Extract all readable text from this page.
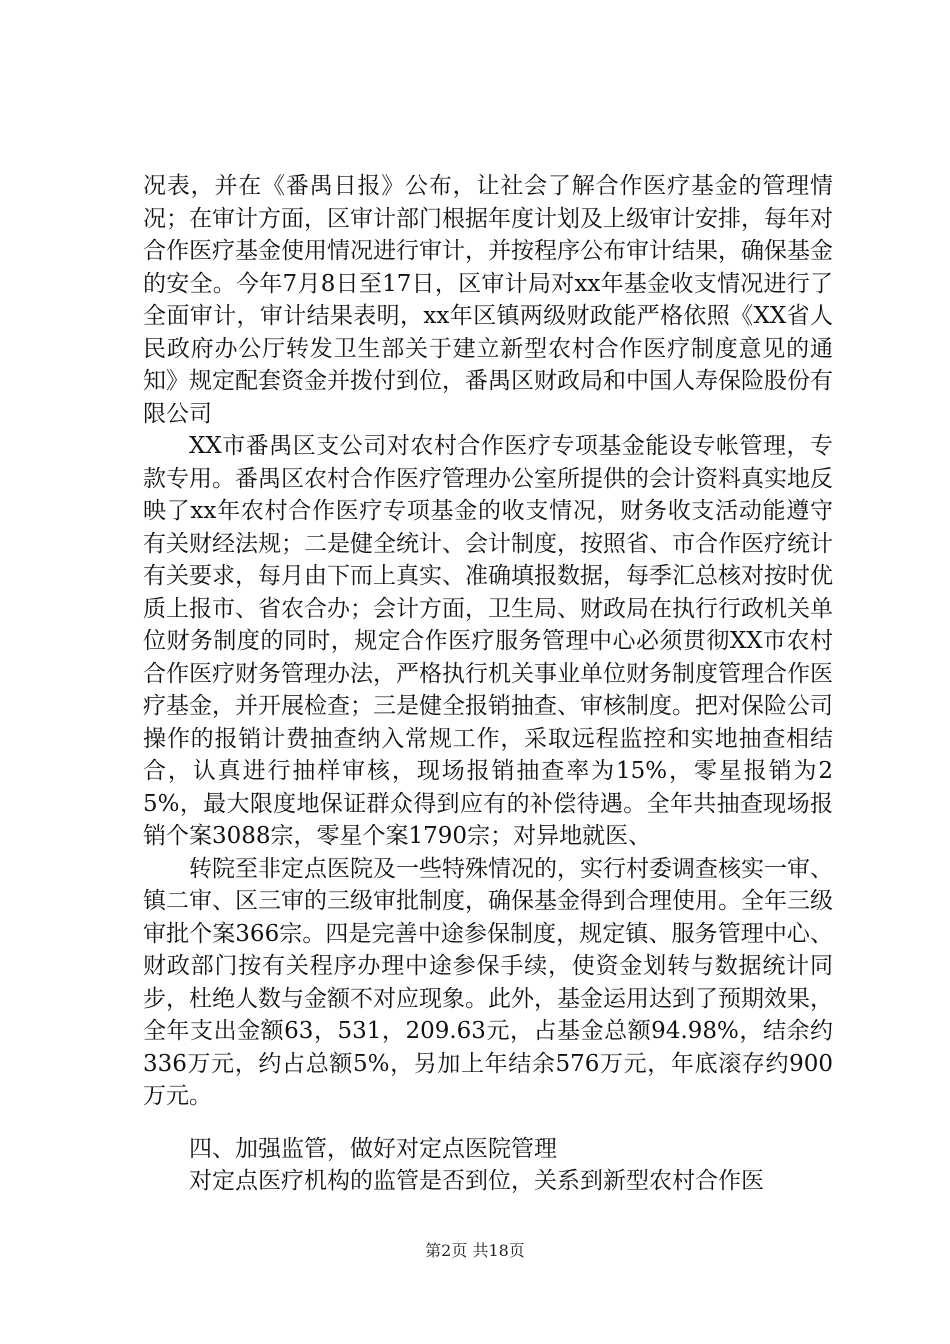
况表，并在《番禺日报》公布，让社会了解合作医疗基金的管理情况；在审计方面，区审计部门根据年度计划及上级审计安排，每年对合作医疗基金使用情况进行审计，并按程序公布审计结果，确保基金的安全。今年7月8日至17日，区审计局对xx年基金收支情况进行了全面审计，审计结果表明，xx年区镇两级财政能严格依照《XX省人民政府办公厅转发卫生部关于建立新型农村合作医疗制度意见的通知》规定配套资金并拨付到位，番禺区财政局和中国人寿保险股份有限公司

XX市番禺区支公司对农村合作医疗专项基金能设专帐管理，专款专用。番禺区农村合作医疗管理办公室所提供的会计资料真实地反映了xx年农村合作医疗专项基金的收支情况，财务收支活动能遵守有关财经法规；二是健全统计、会计制度，按照省、市合作医疗统计有关要求，每月由下而上真实、准确填报数据，每季汇总核对按时优质上报市、省农合办；会计方面，卫生局、财政局在执行行政机关单位财务制度的同时，规定合作医疗服务管理中心必须贯彻XX市农村合作医疗财务管理办法，严格执行机关事业单位财务制度管理合作医疗基金，并开展检查；三是健全报销抽查、审核制度。把对保险公司操作的报销计费抽查纳入常规工作，采取远程监控和实地抽查相结合，认真进行抽样审核，现场报销抽查率为15%，零星报销为25%，最大限度地保证群众得到应有的补偿待遇。全年共抽查现场报销个案3088宗，零星个案1790宗；对异地就医、

转院至非定点医院及一些特殊情况的，实行村委调查核实一审、镇二审、区三审的三级审批制度，确保基金得到合理使用。全年三级审批个案366宗。四是完善中途参保制度，规定镇、服务管理中心、财政部门按有关程序办理中途参保手续，使资金划转与数据统计同步，杜绝人数与金额不对应现象。此外，基金运用达到了预期效果，全年支出金额63，531，209.63元，占基金总额94.98%，结余约336万元，约占总额5%，另加上年结余576万元，年底滚存约900万元。

四、加强监管，做好对定点医院管理

对定点医疗机构的监管是否到位，关系到新型农村合作医

第2页 共18页
